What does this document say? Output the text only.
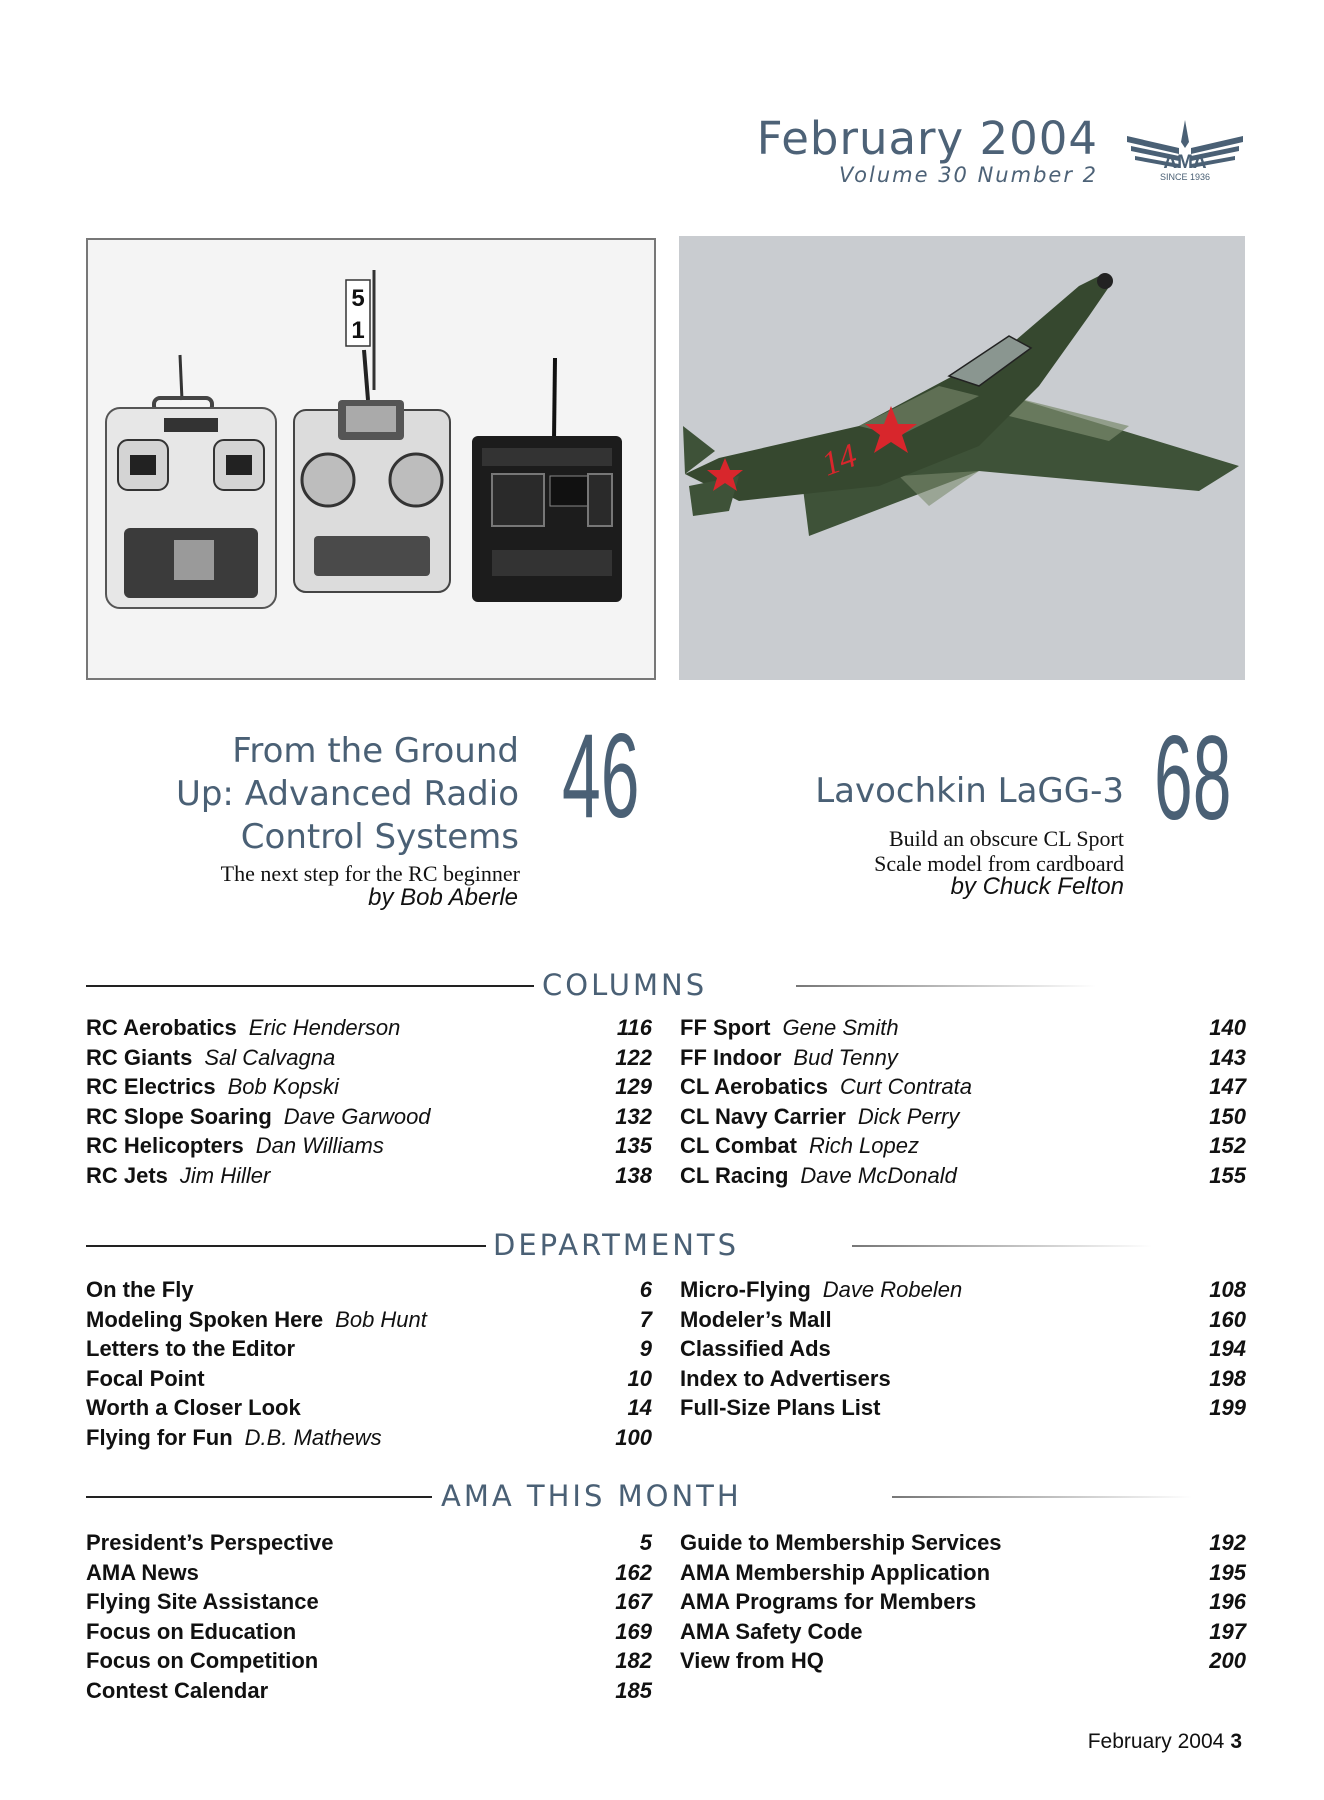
February 2004
Volume 30 Number 2
AMA
SINCE 1936
5
1
14
From the Ground
Up: Advanced Radio
Control Systems
The next step for the RC beginner
by Bob Aberle
46	Lavochkin LaGG-3
Build an obscure CL Sport
Scale model from cardboard
by Chuck Felton
68
COLUMNS
DEPARTMENTS
AMA THIS MONTH
RC Aerobatics Eric Henderson	116
RC Giants Sal Calvagna	122
RC Electrics Bob Kopski	129
RC Slope Soaring Dave Garwood	132
RC Helicopters Dan Williams	135
RC Jets Jim Hiller	138
FF Sport Gene Smith	140
FF Indoor Bud Tenny	143
CL Aerobatics Curt Contrata	147
CL Navy Carrier Dick Perry	150
CL Combat Rich Lopez	152
CL Racing Dave McDonald	155
On the Fly	6
Modeling Spoken Here Bob Hunt	7
Letters to the Editor	9
Focal Point	10
Worth a Closer Look	14
Flying for Fun D.B. Mathews	100
Micro-Flying Dave Robelen	108
Modeler’s Mall	160
Classified Ads	194
Index to Advertisers	198
Full-Size Plans List	199
President’s Perspective	5
AMA News	162
Flying Site Assistance	167
Focus on Education	169
Focus on Competition	182
Contest Calendar	185
Guide to Membership Services	192
AMA Membership Application	195
AMA Programs for Members	196
AMA Safety Code	197
View from HQ	200
February 2004 3
